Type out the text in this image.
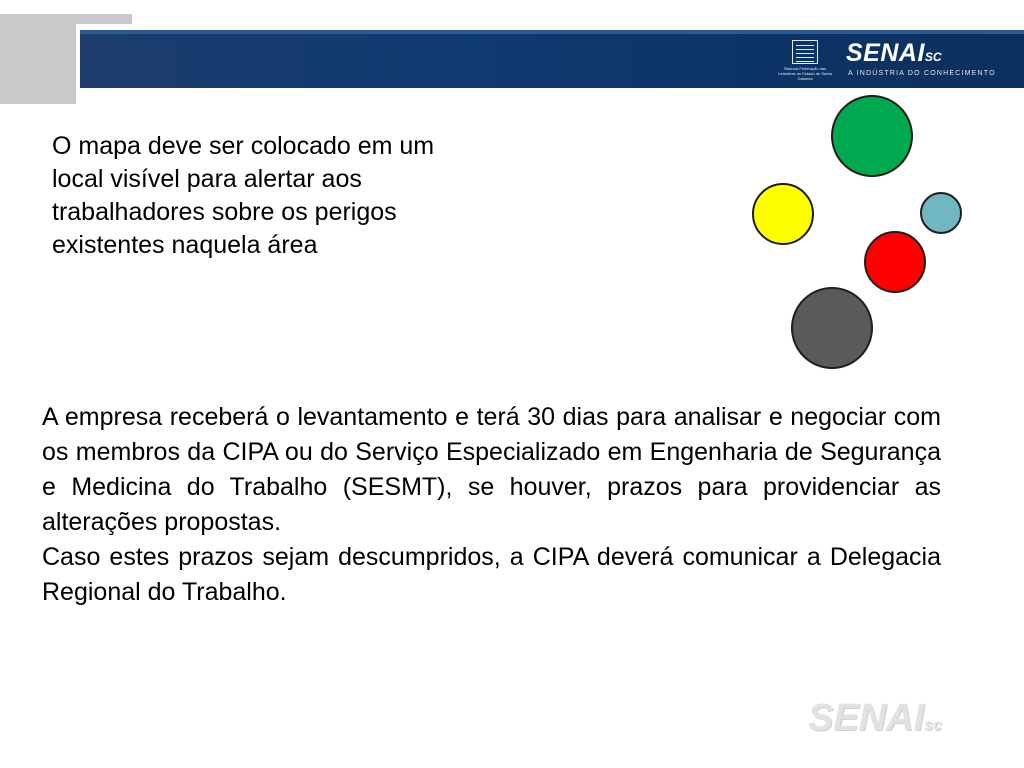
Sistema Federação das Indústrias do Estado de Santa Catarina
SENAISC
A INDÚSTRIA DO CONHECIMENTO
O mapa deve ser colocado em um
local visível para alertar aos
trabalhadores sobre os perigos
existentes naquela área

A empresa receberá o levantamento e terá 30 dias para analisar e negociar com os membros da CIPA ou do Serviço Especializado em Engenharia de Segurança e Medicina do Trabalho (SESMT), se houver, prazos para providenciar as alterações propostas.

Caso estes prazos sejam descumpridos, a CIPA deverá comunicar a Delegacia Regional do Trabalho.

SENAIsc
